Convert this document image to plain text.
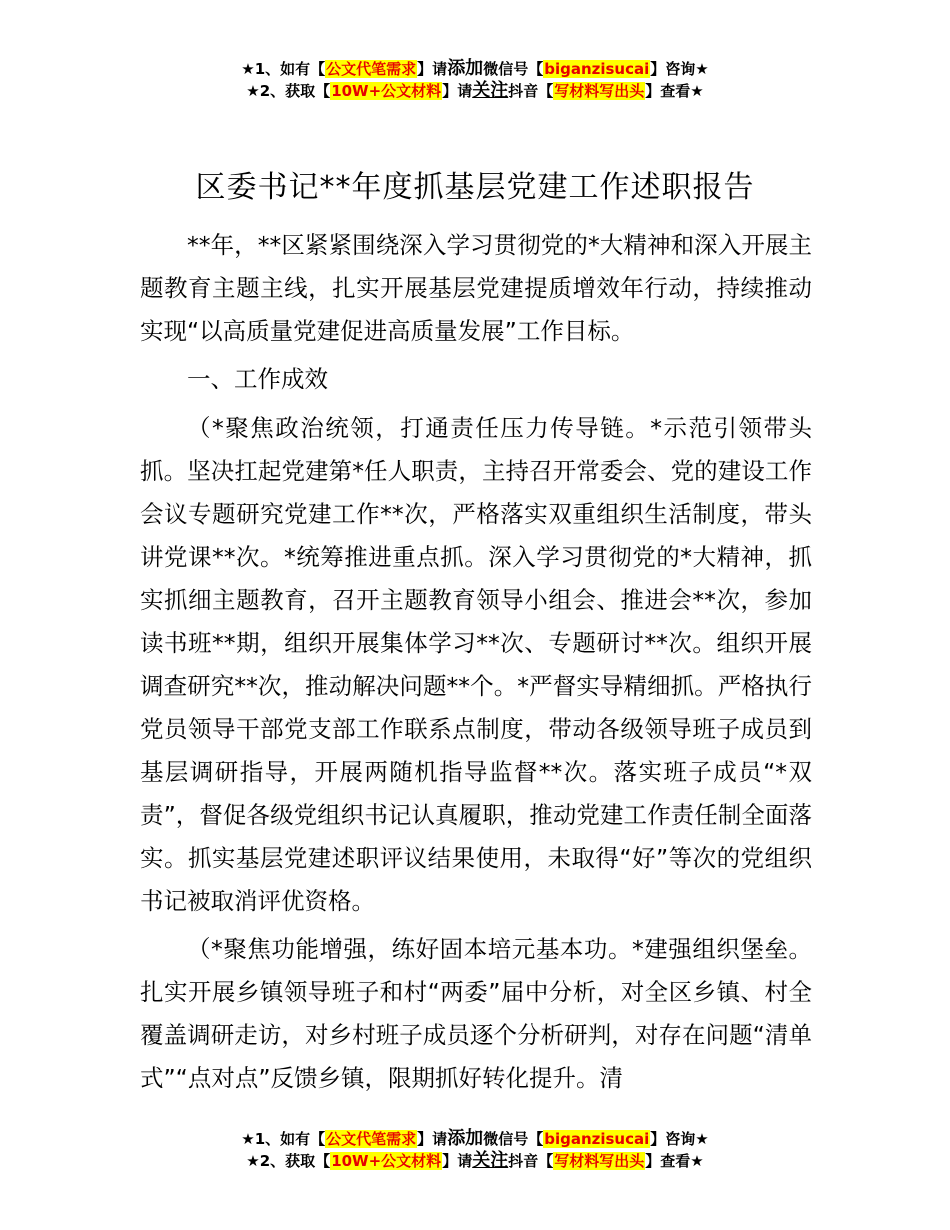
★1、如有【公文代笔需求】请添加微信号【biganzisucai】咨询★
★2、获取【10W+公文材料】请关注抖音【写材料写出头】查看★
区委书记**年度抓基层党建工作述职报告

**年，**区紧紧围绕深入学习贯彻党的*大精神和深入开展主题教育主题主线，扎实开展基层党建提质增效年行动，持续推动实现“以高质量党建促进高质量发展”工作目标。

一、工作成效

（*聚焦政治统领，打通责任压力传导链。*示范引领带头抓。坚决扛起党建第*任人职责，主持召开常委会、党的建设工作会议专题研究党建工作**次，严格落实双重组织生活制度，带头讲党课**次。*统筹推进重点抓。深入学习贯彻党的*大精神，抓实抓细主题教育，召开主题教育领导小组会、推进会**次，参加读书班**期，组织开展集体学习**次、专题研讨**次。组织开展调查研究**次，推动解决问题**个。*严督实导精细抓。严格执行党员领导干部党支部工作联系点制度，带动各级领导班子成员到基层调研指导，开展两随机指导监督**次。落实班子成员“*双责”，督促各级党组织书记认真履职，推动党建工作责任制全面落实。抓实基层党建述职评议结果使用，未取得“好”等次的党组织书记被取消评优资格。

（*聚焦功能增强，练好固本培元基本功。*建强组织堡垒。扎实开展乡镇领导班子和村“两委”届中分析，对全区乡镇、村全覆盖调研走访，对乡村班子成员逐个分析研判，对存在问题“清单式”“点对点”反馈乡镇，限期抓好转化提升。清

★1、如有【公文代笔需求】请添加微信号【biganzisucai】咨询★
★2、获取【10W+公文材料】请关注抖音【写材料写出头】查看★
